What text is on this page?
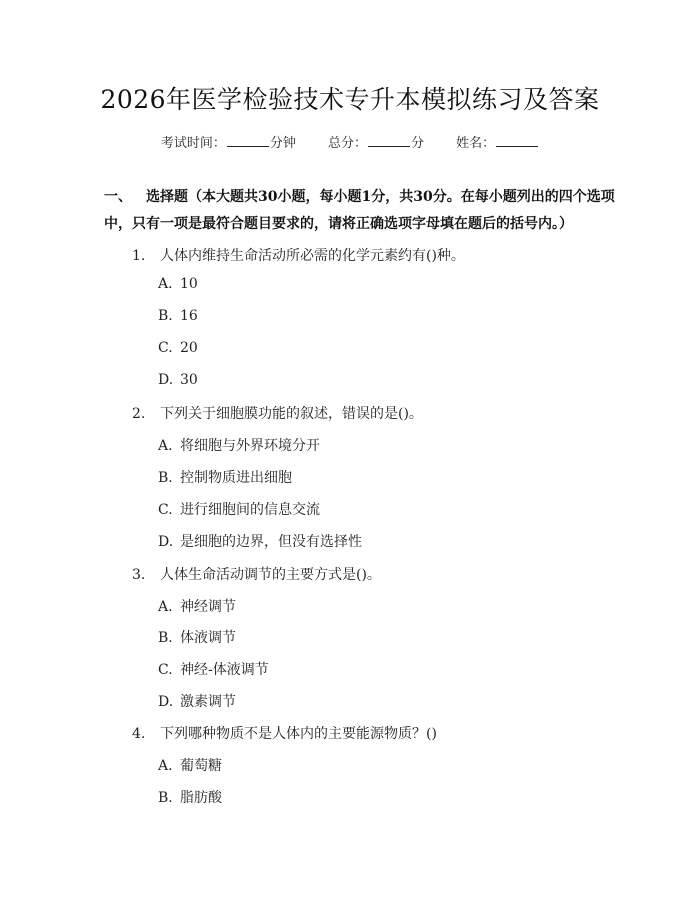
2026年医学检验技术专升本模拟练习及答案
考试时间：	分钟 总分：	分 姓名：
一、 选择题（本大题共30小题，每小题1分，共30分。在每小题列出的四个选项中，只有一项是最符合题目要求的，请将正确选项字母填在题后的括号内。）
1. 人体内维持生命活动所必需的化学元素约有()种。
A. 10
B. 16
C. 20
D. 30
2. 下列关于细胞膜功能的叙述，错误的是()。
A. 将细胞与外界环境分开
B. 控制物质进出细胞
C. 进行细胞间的信息交流
D. 是细胞的边界，但没有选择性
3. 人体生命活动调节的主要方式是()。
A. 神经调节
B. 体液调节
C. 神经-体液调节
D. 激素调节
4. 下列哪种物质不是人体内的主要能源物质？()
A. 葡萄糖
B. 脂肪酸
